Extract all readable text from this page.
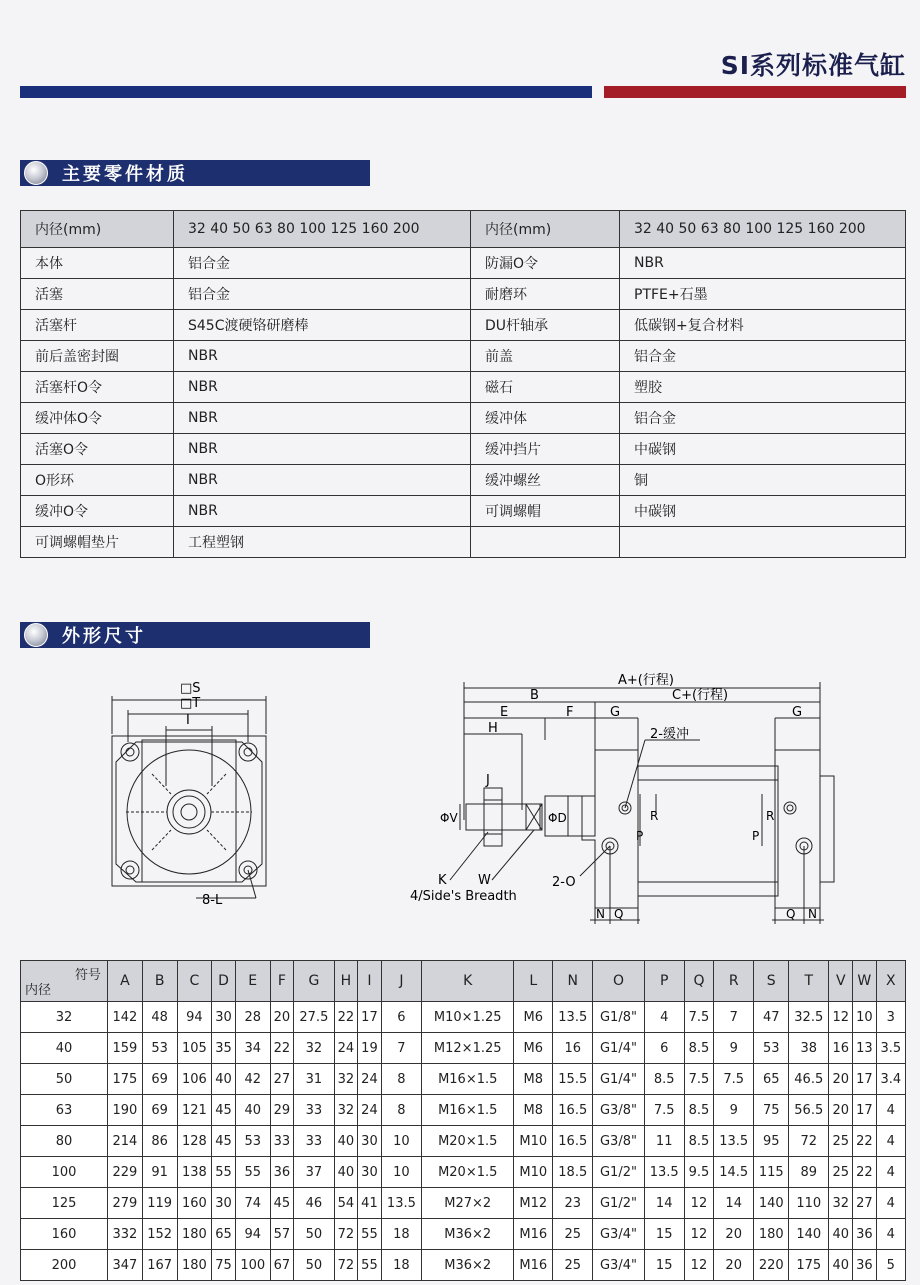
SI系列标准气缸
主要零件材质
内径(mm)	32 40 50 63 80 100 125 160 200	内径(mm)	32 40 50 63 80 100 125 160 200
本体	铝合金	防漏O令	NBR
活塞	铝合金	耐磨环	PTFE+石墨
活塞杆	S45C渡硬铬研磨棒	DU杆轴承	低碳钢+复合材料
前后盖密封圈	NBR	前盖	铝合金
活塞杆O令	NBR	磁石	塑胶
缓冲体O令	NBR	缓冲体	铝合金
活塞O令	NBR	缓冲挡片	中碳钢
O形环	NBR	缓冲螺丝	铜
缓冲O令	NBR	可调螺帽	中碳钢
可调螺帽垫片	工程塑钢		
外形尺寸
□S
□T
I
8-L
A+(行程)
B	C+(行程)
E	F	G	G
H
J
2-缓冲
ΦV	ΦD
P
R
P
R
K W
4/Side's Breadth
2-O
N Q	Q N
符号
内径	A	B	C	D	E	F	G	H	I	J	K	L	N	O	P	Q	R	S	T	V	W	X
32	142	48	94	30	28	20	27.5	22	17	6	M10×1.25	M6	13.5	G1/8"	4	7.5	7	47	32.5	12	10	3
40	159	53	105	35	34	22	32	24	19	7	M12×1.25	M6	16	G1/4"	6	8.5	9	53	38	16	13	3.5
50	175	69	106	40	42	27	31	32	24	8	M16×1.5	M8	15.5	G1/4"	8.5	7.5	7.5	65	46.5	20	17	3.4
63	190	69	121	45	40	29	33	32	24	8	M16×1.5	M8	16.5	G3/8"	7.5	8.5	9	75	56.5	20	17	4
80	214	86	128	45	53	33	33	40	30	10	M20×1.5	M10	16.5	G3/8"	11	8.5	13.5	95	72	25	22	4
100	229	91	138	55	55	36	37	40	30	10	M20×1.5	M10	18.5	G1/2"	13.5	9.5	14.5	115	89	25	22	4
125	279	119	160	30	74	45	46	54	41	13.5	M27×2	M12	23	G1/2"	14	12	14	140	110	32	27	4
160	332	152	180	65	94	57	50	72	55	18	M36×2	M16	25	G3/4"	15	12	20	180	140	40	36	4
200	347	167	180	75	100	67	50	72	55	18	M36×2	M16	25	G3/4"	15	12	20	220	175	40	36	5
